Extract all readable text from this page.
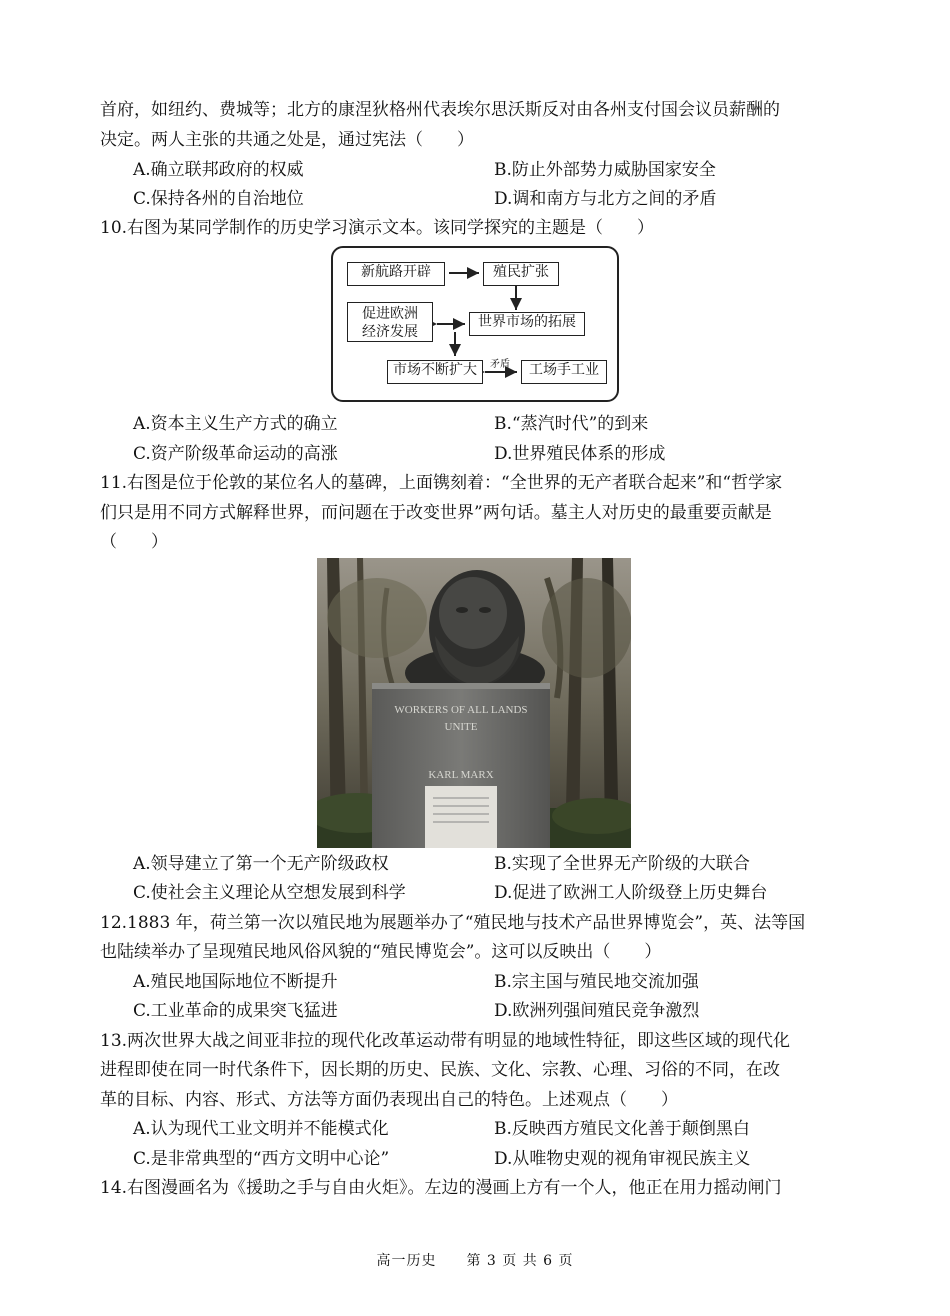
首府，如纽约、费城等；北方的康涅狄格州代表埃尔思沃斯反对由各州支付国会议员薪酬的
决定。两人主张的共通之处是，通过宪法（　　）
A.确立联邦政府的权威	B.防止外部势力威胁国家安全
C.保持各州的自治地位	D.调和南方与北方之间的矛盾
10.右图为某同学制作的历史学习演示文本。该同学探究的主题是（　　）
新航路开辟	殖民扩张
促进欧洲
经济发展
世界市场的拓展
市场不断扩大	矛盾	工场手工业
A.资本主义生产方式的确立	B.“蒸汽时代”的到来
C.资产阶级革命运动的高涨	D.世界殖民体系的形成
11.右图是位于伦敦的某位名人的墓碑，上面镌刻着：“全世界的无产者联合起来”和“哲学家
们只是用不同方式解释世界，而问题在于改变世界”两句话。墓主人对历史的最重要贡献是
（　　）
WORKERS OF ALL LANDS
UNITE
KARL MARX
A.领导建立了第一个无产阶级政权	B.实现了全世界无产阶级的大联合
C.使社会主义理论从空想发展到科学	D.促进了欧洲工人阶级登上历史舞台
12.1883 年，荷兰第一次以殖民地为展题举办了“殖民地与技术产品世界博览会”，英、法等国
也陆续举办了呈现殖民地风俗风貌的“殖民博览会”。这可以反映出（　　）
A.殖民地国际地位不断提升	B.宗主国与殖民地交流加强
C.工业革命的成果突飞猛进	D.欧洲列强间殖民竞争激烈
13.两次世界大战之间亚非拉的现代化改革运动带有明显的地域性特征，即这些区域的现代化
进程即使在同一时代条件下，因长期的历史、民族、文化、宗教、心理、习俗的不同，在改
革的目标、内容、形式、方法等方面仍表现出自己的特色。上述观点（　　）
A.认为现代工业文明并不能模式化	B.反映西方殖民文化善于颠倒黑白
C.是非常典型的“西方文明中心论”	D.从唯物史观的视角审视民族主义
14.右图漫画名为《援助之手与自由火炬》。左边的漫画上方有一个人，他正在用力摇动闸门
高一历史　　第 3 页 共 6 页
